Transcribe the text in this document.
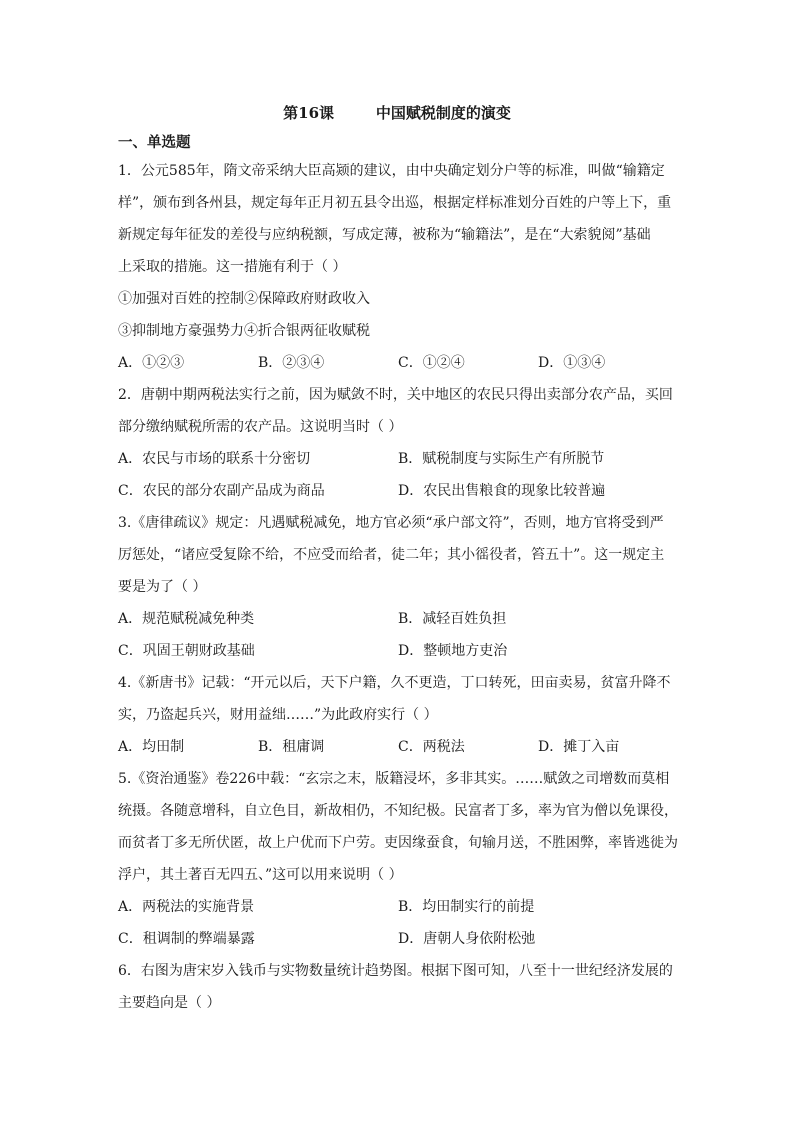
第16课        中国赋税制度的演变
一、单选题
1．公元585年，隋文帝采纳大臣高颎的建议，由中央确定划分户等的标准，叫做“输籍定
样”，颁布到各州县，规定每年正月初五县令出巡，根据定样标准划分百姓的户等上下，重
新规定每年征发的差役与应纳税额，写成定薄，被称为“输籍法”，是在“大索貌阅”基础
上采取的措施。这一措施有利于（ ）
①加强对百姓的控制②保障政府财政收入
③抑制地方豪强势力④折合银两征收赋税
A．①②③	B．②③④	C．①②④	D．①③④
2．唐朝中期两税法实行之前，因为赋敛不时，关中地区的农民只得出卖部分农产品，买回
部分缴纳赋税所需的农产品。这说明当时（ ）
A．农民与市场的联系十分密切	B．赋税制度与实际生产有所脱节
C．农民的部分农副产品成为商品	D．农民出售粮食的现象比较普遍
3.《唐律疏议》规定：凡遇赋税减免，地方官必须“承户部文符”，否则，地方官将受到严
厉惩处，“诸应受复除不给，不应受而给者，徒二年；其小徭役者，笞五十”。这一规定主
要是为了（ ）
A．规范赋税减免种类	B．减轻百姓负担
C．巩固王朝财政基础	D．整顿地方吏治
4.《新唐书》记载：“开元以后，天下户籍，久不更造，丁口转死，田亩卖易，贫富升降不
实，乃盗起兵兴，财用益绌……”为此政府实行（ ）
A．均田制	B．租庸调	C．两税法	D．摊丁入亩
5.《资治通鉴》卷226中载：“玄宗之末，版籍浸坏，多非其实。……赋敛之司增数而莫相
统摄。各随意增科，自立色目，新故相仍，不知纪极。民富者丁多，率为官为僧以免课役，
而贫者丁多无所伏匿，故上户优而下户劳。吏因缘蚕食，旬输月送，不胜困弊，率皆逃徙为
浮户，其土著百无四五、”这可以用来说明（ ）
A．两税法的实施背景	B．均田制实行的前提
C．租调制的弊端暴露	D．唐朝人身依附松弛
6．右图为唐宋岁入钱币与实物数量统计趋势图。根据下图可知，八至十一世纪经济发展的
主要趋向是（ ）
